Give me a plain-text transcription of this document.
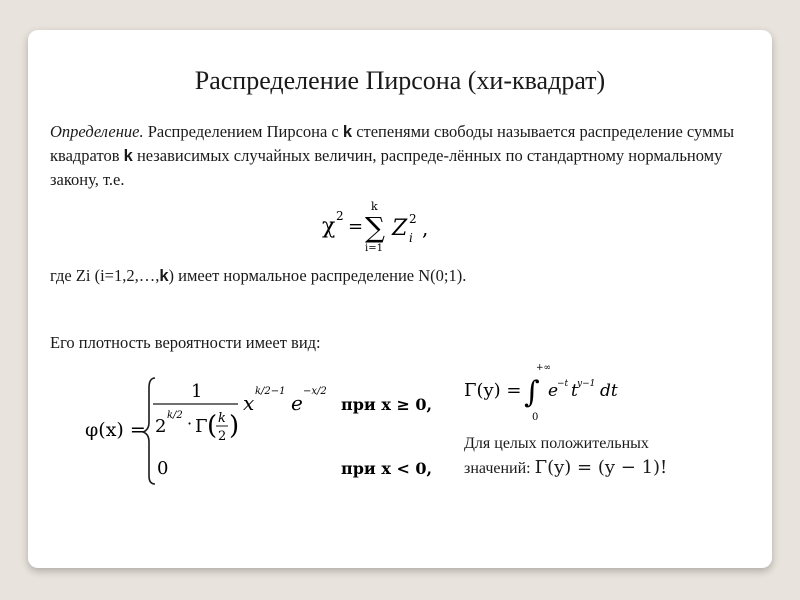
Распределение Пирсона (хи-квадрат)
Определение. Распределением Пирсона с k степенями свободы называется распределение суммы квадратов k независимых случайных величин, распреде-лённых по стандартному нормальному закону, т.е.
χ 2 =
k
∑
i=1
Z 2
i ,
где Zi (i=1,2,…,k) имеет нормальное распределение N(0;1).
Его плотность вероятности имеет вид:
φ(x) =
1
2
k/2 · Γ ( k
2 )
x k/2−1 e −x/2
при x ≥ 0,
0	при x < 0,
Γ(y) =
+∞
∫
0
e
−t t y−1 dt
Для целых положительных
значений: Γ(y) = (y − 1)!
